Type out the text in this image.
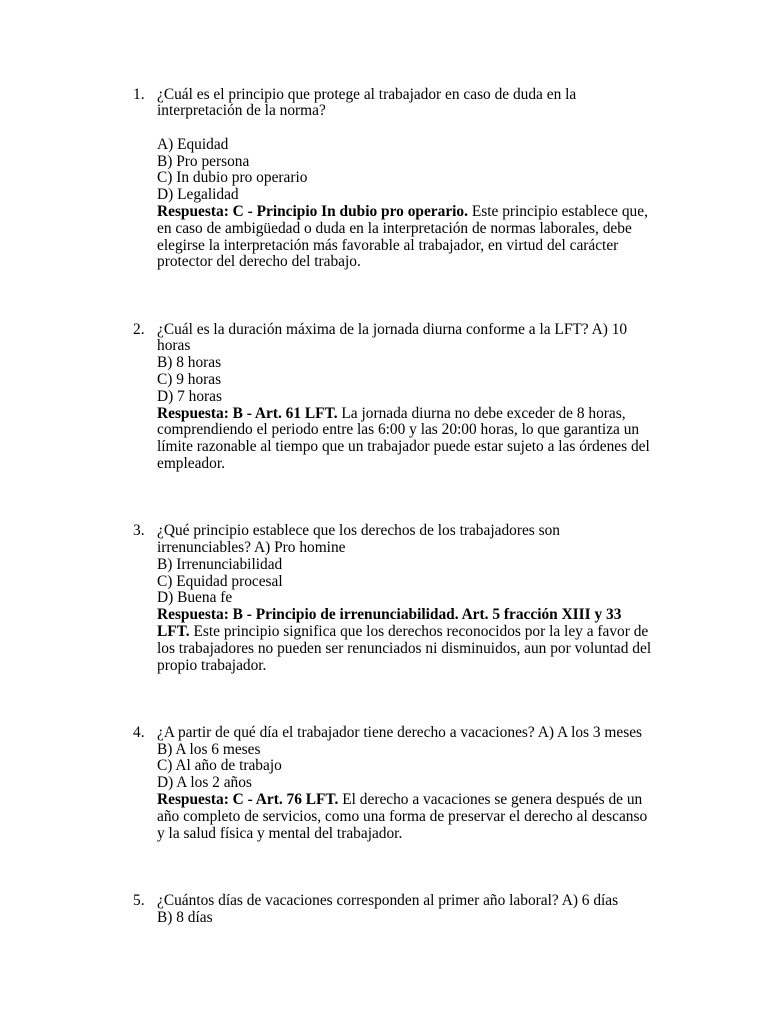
1. ¿Cuál es el principio que protege al trabajador en caso de duda en la
interpretación de la norma?
A) Equidad
B) Pro persona
C) In dubio pro operario
D) Legalidad
Respuesta: C - Principio In dubio pro operario. Este principio establece que,
en caso de ambigüedad o duda en la interpretación de normas laborales, debe
elegirse la interpretación más favorable al trabajador, en virtud del carácter
protector del derecho del trabajo.
2. ¿Cuál es la duración máxima de la jornada diurna conforme a la LFT? A) 10
horas
B) 8 horas
C) 9 horas
D) 7 horas
Respuesta: B - Art. 61 LFT. La jornada diurna no debe exceder de 8 horas,
comprendiendo el periodo entre las 6:00 y las 20:00 horas, lo que garantiza un
límite razonable al tiempo que un trabajador puede estar sujeto a las órdenes del
empleador.
3. ¿Qué principio establece que los derechos de los trabajadores son
irrenunciables? A) Pro homine
B) Irrenunciabilidad
C) Equidad procesal
D) Buena fe
Respuesta: B - Principio de irrenunciabilidad. Art. 5 fracción XIII y 33
LFT. Este principio significa que los derechos reconocidos por la ley a favor de
los trabajadores no pueden ser renunciados ni disminuidos, aun por voluntad del
propio trabajador.
4. ¿A partir de qué día el trabajador tiene derecho a vacaciones? A) A los 3 meses
B) A los 6 meses
C) Al año de trabajo
D) A los 2 años
Respuesta: C - Art. 76 LFT. El derecho a vacaciones se genera después de un
año completo de servicios, como una forma de preservar el derecho al descanso
y la salud física y mental del trabajador.
5. ¿Cuántos días de vacaciones corresponden al primer año laboral? A) 6 días
B) 8 días
